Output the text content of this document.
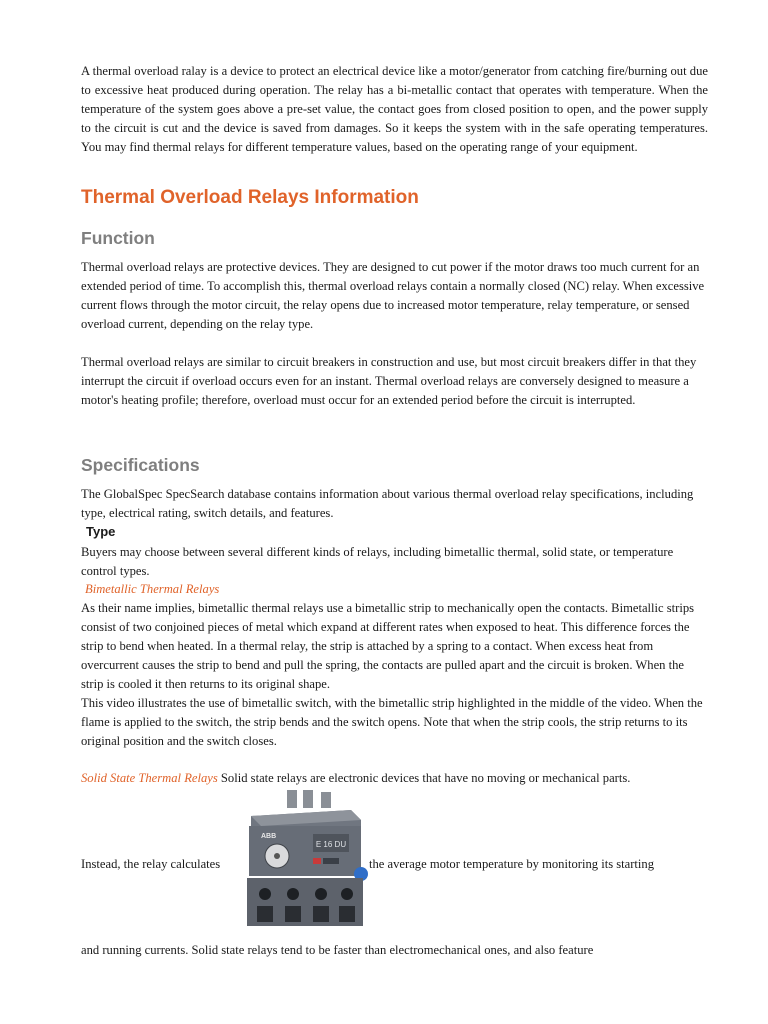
A thermal overload ralay is a device to protect an electrical device like a motor/generator from catching fire/burning out due to excessive heat produced during operation. The relay has a bi-metallic contact that operates with temperature. When the temperature of the system goes above a pre-set value, the contact goes from closed position to open, and the power supply to the circuit is cut and the device is saved from damages. So it keeps the system with in the safe operating temperatures. You may find thermal relays for different temperature values, based on the operating range of your equipment.

Thermal Overload Relays Information
Function

Thermal overload relays are protective devices. They are designed to cut power if the motor draws too much current for an extended period of time. To accomplish this, thermal overload relays contain a normally closed (NC) relay. When excessive current flows through the motor circuit, the relay opens due to increased motor temperature, relay temperature, or sensed overload current, depending on the relay type.

Thermal overload relays are similar to circuit breakers in construction and use, but most circuit breakers differ in that they interrupt the circuit if overload occurs even for an instant. Thermal overload relays are conversely designed to measure a motor's heating profile; therefore, overload must occur for an extended period before the circuit is interrupted.

Specifications

The GlobalSpec SpecSearch database contains information about various thermal overload relay specifications, including type, electrical rating, switch details, and features.

Type

Buyers may choose between several different kinds of relays, including bimetallic thermal, solid state, or temperature control types.

Bimetallic Thermal Relays

As their name implies, bimetallic thermal relays use a bimetallic strip to mechanically open the contacts. Bimetallic strips consist of two conjoined pieces of metal which expand at different rates when exposed to heat. This difference forces the strip to bend when heated. In a thermal relay, the strip is attached by a spring to a contact. When excess heat from overcurrent causes the strip to bend and pull the spring, the contacts are pulled apart and the circuit is broken. When the strip is cooled it then returns to its original shape.

This video illustrates the use of bimetallic switch, with the bimetallic strip highlighted in the middle of the video. When the flame is applied to the switch, the strip bends and the switch opens. Note that when the strip cools, the strip returns to its original position and the switch closes.

Solid State Thermal Relays Solid state relays are electronic devices that have no moving or mechanical parts.

Instead, the relay calculates	the average motor temperature by monitoring its starting
E 16 DU
ABB

and running currents. Solid state relays tend to be faster than electromechanical ones, and also feature
